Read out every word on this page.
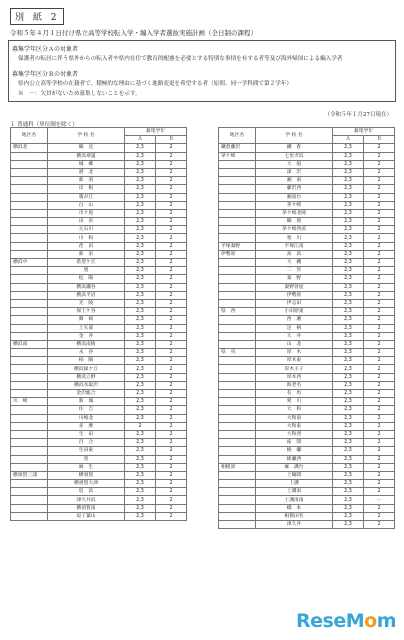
別 紙 2
令和５年４月１日付け県立高等学校転入学・編入学者選抜実施計画（全日制の課程）
募集学年区分Ａの対象者
保護者の転居に伴う県外からの転入者や県内在住で教育的配慮を必要とする特別な事情を有する者等及び海外帰国による編入学者
募集学年区分Ｂの対象者
県内公立高等学校の在籍者で、積極的な理由に基づく進路変更を希望する者（原則、同一学科間で第２学年）
※　－：欠員がないため募集しないことを示す。
（令和５年１月27日現在）
１ 普通科（単位制を除く）
地区名	学 校 名	募集学年	
		Ａ	Ｂ
横浜北	鶴　見	2,3	2
	横浜翠嵐	2,3	2
	城　郷	2,3	2
	港　北	2,3	2
	新　羽	2,3	2
	岸　根	2,3	2
	霧が丘	2,3	2
	白　山	2,3	2
	市ケ尾	2,3	2
	田　奈	2,3	2
	元石川	2,3	2
	川　和	2,3	2
	荏　田	2,3	2
	新　栄	2,3	2
横浜中	希望ケ丘	2,3	2
	旭	2,3	2
	松　陽	2,3	2
	横浜瀬谷	2,3	2
	横浜平沼	2,3	2
	光　陵	2,3	2
	保土ケ谷	2,3	2
	舞　岡	2,3	2
	上矢部	2,3	2
	金　井	2,3	2
横浜南	横浜南陵	2,3	2
	永　谷	2,3	2
	柏　陽	2,3	2
	横浜緑ケ丘	2,3	2
	横浜立野	2,3	2
	横浜氷取沢	2,3	2
	金沢総合	2,3	2
川　崎	新　城	2,3	2
	住　吉	2,3	2
	川崎北	2,3	2
	多　摩	2	2
	生　田	2,3	2
	百　合	2,3	2
	生田東	2,3	2
	菅	2,3	2
	麻　生	2,3	2
横須賀三浦	横須賀	2,3	2
	横須賀大津	2,3	2
	追　浜	2,3	2
	津久井浜	2,3	2
	横須賀南	2,3	2
	逗子葉山	2,3	2
地区名	学 校 名	募集学年	
		Ａ	Ｂ
鎌倉藤沢	鎌　倉	2,3	2
茅ケ崎	七里ガ浜	2,3	2
	大　船	2,3	2
	深　沢	2,3	2
	湘　南	2,3	2
	藤沢西	2,3	2
	湘南台	2,3	2
	茅ケ崎	2,3	2
	茅ケ崎北陵	2,3	2
	鶴　嶺	2,3	2
	茅ケ崎西浜	2,3	2
	寒　川	2,3	2
平塚秦野	平塚江南	2,3	2
伊勢原	高　浜	2,3	2
	大　磯	2,3	2
	二　宮	2,3	2
	秦　野	2,3	2
	秦野曽屋	2,3	2
	伊勢原	2,3	2
	伊志田	2,3	2
県　西	小田原東	2,3	2
	西　湘	2,3	2
	足　柄	2,3	2
	大　井	2,3	2
	山　北	2,3	2
県　央	厚　木	2,3	2
	厚木東	2,3	2
	厚木王子	2,3	2
	厚木西	2,3	2
	海老名	2,3	2
	有　馬	2,3	2
	愛　川	2,3	2
	大　和	2,3	2
	大和南	2,3	2
	大和東	2,3	2
	大和西	2,3	2
	座　間	2,3	2
	綾　瀬	2,3	2
	綾瀬西	2,3	2
相模原	麻　溝台	2,3	2
	上鶴間	2,3	2
	上溝	2,3	2
	上溝南	2,3	2
	上溝清南	2,3	－
	橋　本	2,3	2
	相模田名	2,3	2
	津久井	2,3	2
ReseMom
